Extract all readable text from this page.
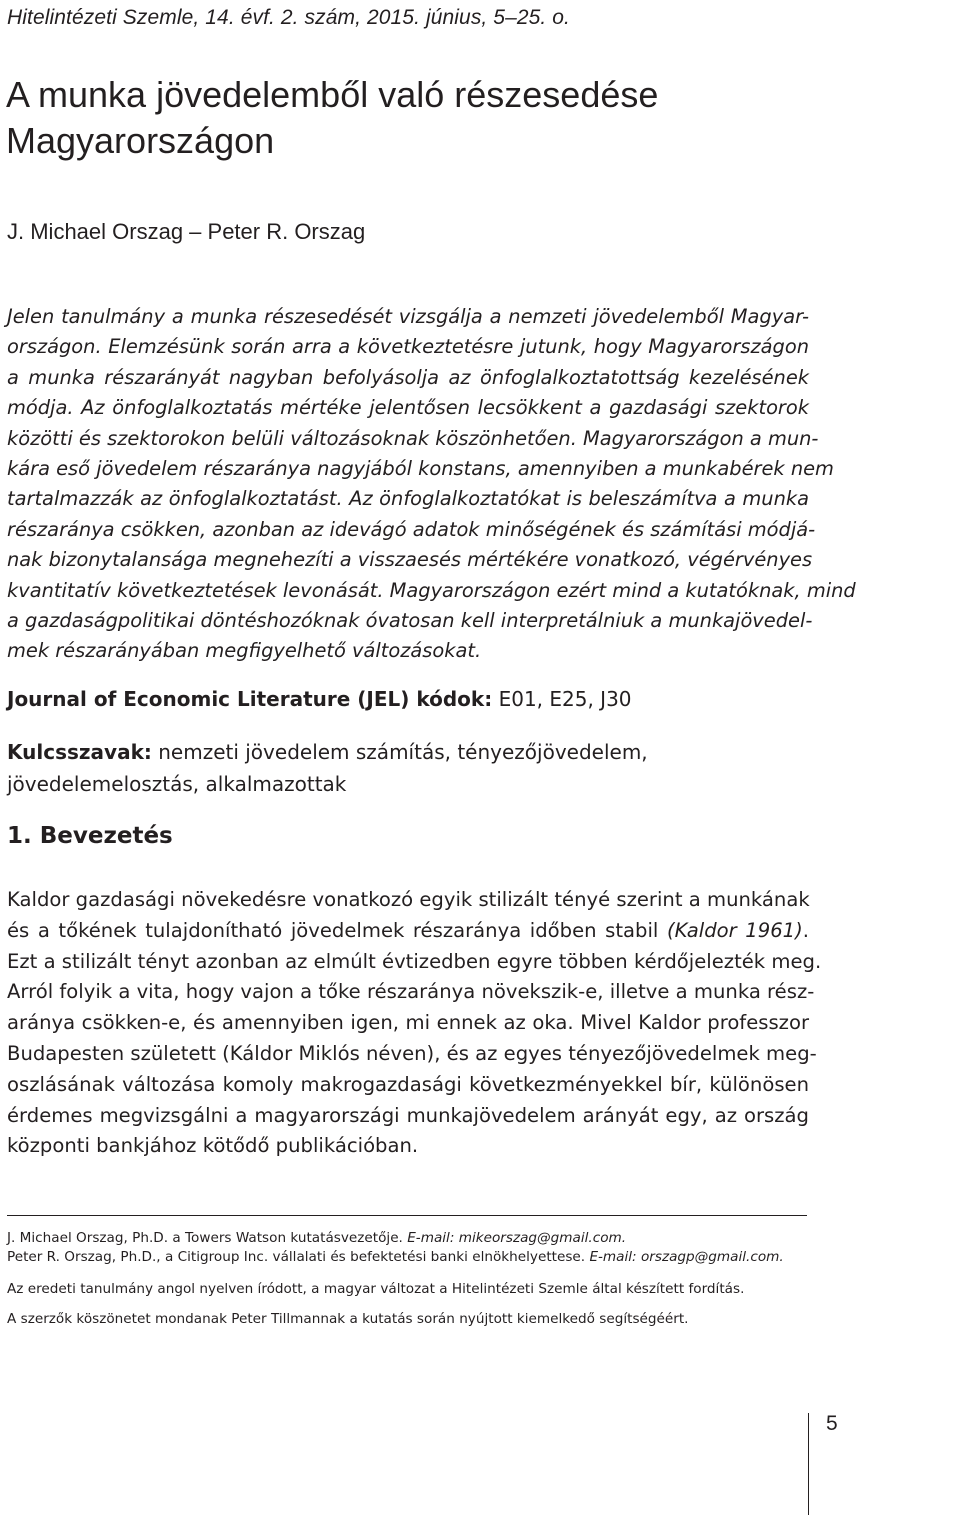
Hitelintézeti Szemle, 14. évf. 2. szám, 2015. június, 5–25. o.
A munka jövedelemből való részesedése
Magyarországon
J. Michael Orszag – Peter R. Orszag
Jelen tanulmány a munka részesedését vizsgálja a nemzeti jövedelemből Magyar-
országon. Elemzésünk során arra a következtetésre jutunk, hogy Magyarországon
a munka részarányát nagyban befolyásolja az önfoglalkoztatottság kezelésének
módja. Az önfoglalkoztatás mértéke jelentősen lecsökkent a gazdasági szektorok
közötti és szektorokon belüli változásoknak köszönhetően. Magyarországon a mun-
kára eső jövedelem részaránya nagyjából konstans, amennyiben a munkabérek nem
tartalmazzák az önfoglalkoztatást. Az önfoglalkoztatókat is beleszámítva a munka
részaránya csökken, azonban az idevágó adatok minőségének és számítási módjá-
nak bizonytalansága megnehezíti a visszaesés mértékére vonatkozó, végérvényes
kvantitatív következtetések levonását. Magyarországon ezért mind a kutatóknak, mind
a gazdaságpolitikai döntéshozóknak óvatosan kell interpretálniuk a munkajövedel-
mek részarányában megfigyelhető változásokat.
Journal of Economic Literature (JEL) kódok: E01, E25, J30
Kulcsszavak: nemzeti jövedelem számítás, tényezőjövedelem, jövedelemelosztás, alkalmazottak
1. Bevezetés
Kaldor gazdasági növekedésre vonatkozó egyik stilizált tényé szerint a munkának
és a tőkének tulajdonítható jövedelmek részaránya időben stabil (Kaldor 1961).
Ezt a stilizált tényt azonban az elmúlt évtizedben egyre többen kérdőjelezték meg.
Arról folyik a vita, hogy vajon a tőke részaránya növekszik-e, illetve a munka rész-
aránya csökken-e, és amennyiben igen, mi ennek az oka. Mivel Kaldor professzor
Budapesten született (Káldor Miklós néven), és az egyes tényezőjövedelmek meg-
oszlásának változása komoly makrogazdasági következményekkel bír, különösen
érdemes megvizsgálni a magyarországi munkajövedelem arányát egy, az ország
központi bankjához kötődő publikációban.
J. Michael Orszag, Ph.D. a Towers Watson kutatásvezetője. E-mail: mikeorszag@gmail.com.
Peter R. Orszag, Ph.D., a Citigroup Inc. vállalati és befektetési banki elnökhelyettese. E-mail: orszagp@gmail.com.
Az eredeti tanulmány angol nyelven íródott, a magyar változat a Hitelintézeti Szemle által készített fordítás.
A szerzők köszönetet mondanak Peter Tillmannak a kutatás során nyújtott kiemelkedő segítségéért.
5
